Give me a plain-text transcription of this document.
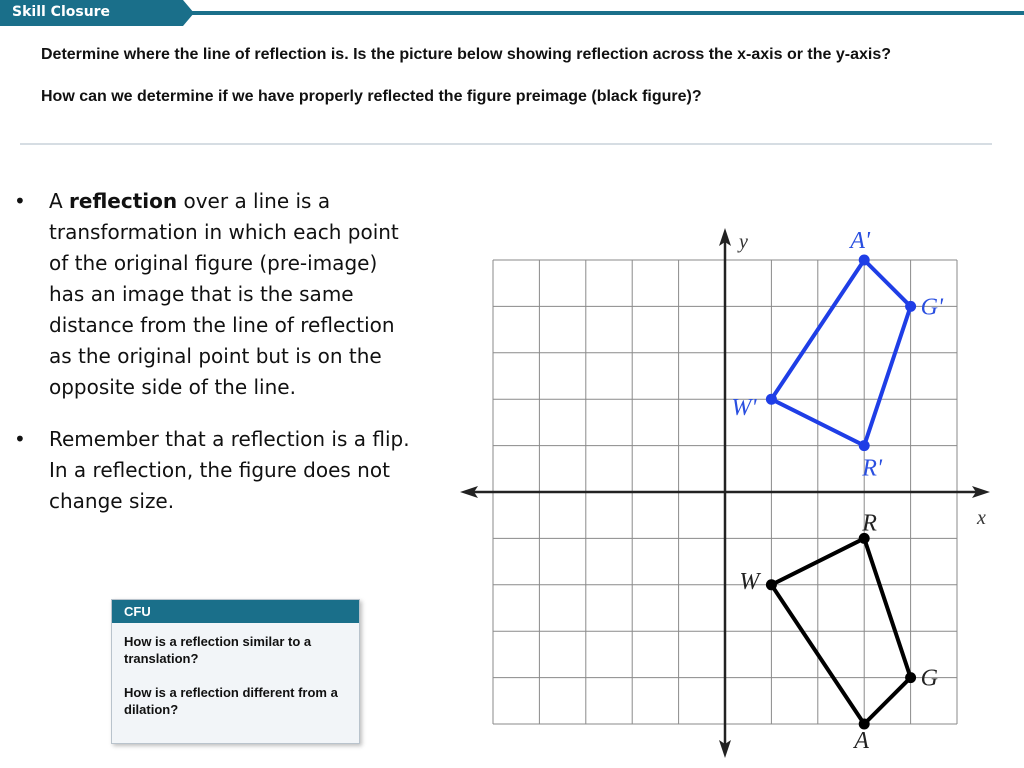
Skill Closure

Determine where the line of reflection is. Is the picture below showing reflection across the x-axis or the y-axis?

How can we determine if we have properly reflected the figure preimage (black figure)?

• A reflection over a line is a transformation in which each point of the original figure (pre-image) has an image that is the same distance from the line of reflection as the original point but is on the opposite side of the line.
• Remember that a reflection is a flip. In a reflection, the figure does not change size.
CFU

How is a reflection similar to a translation?

How is a reflection different from a dilation?

x
y
R
G
A
W
A'
G'
R'
W'
